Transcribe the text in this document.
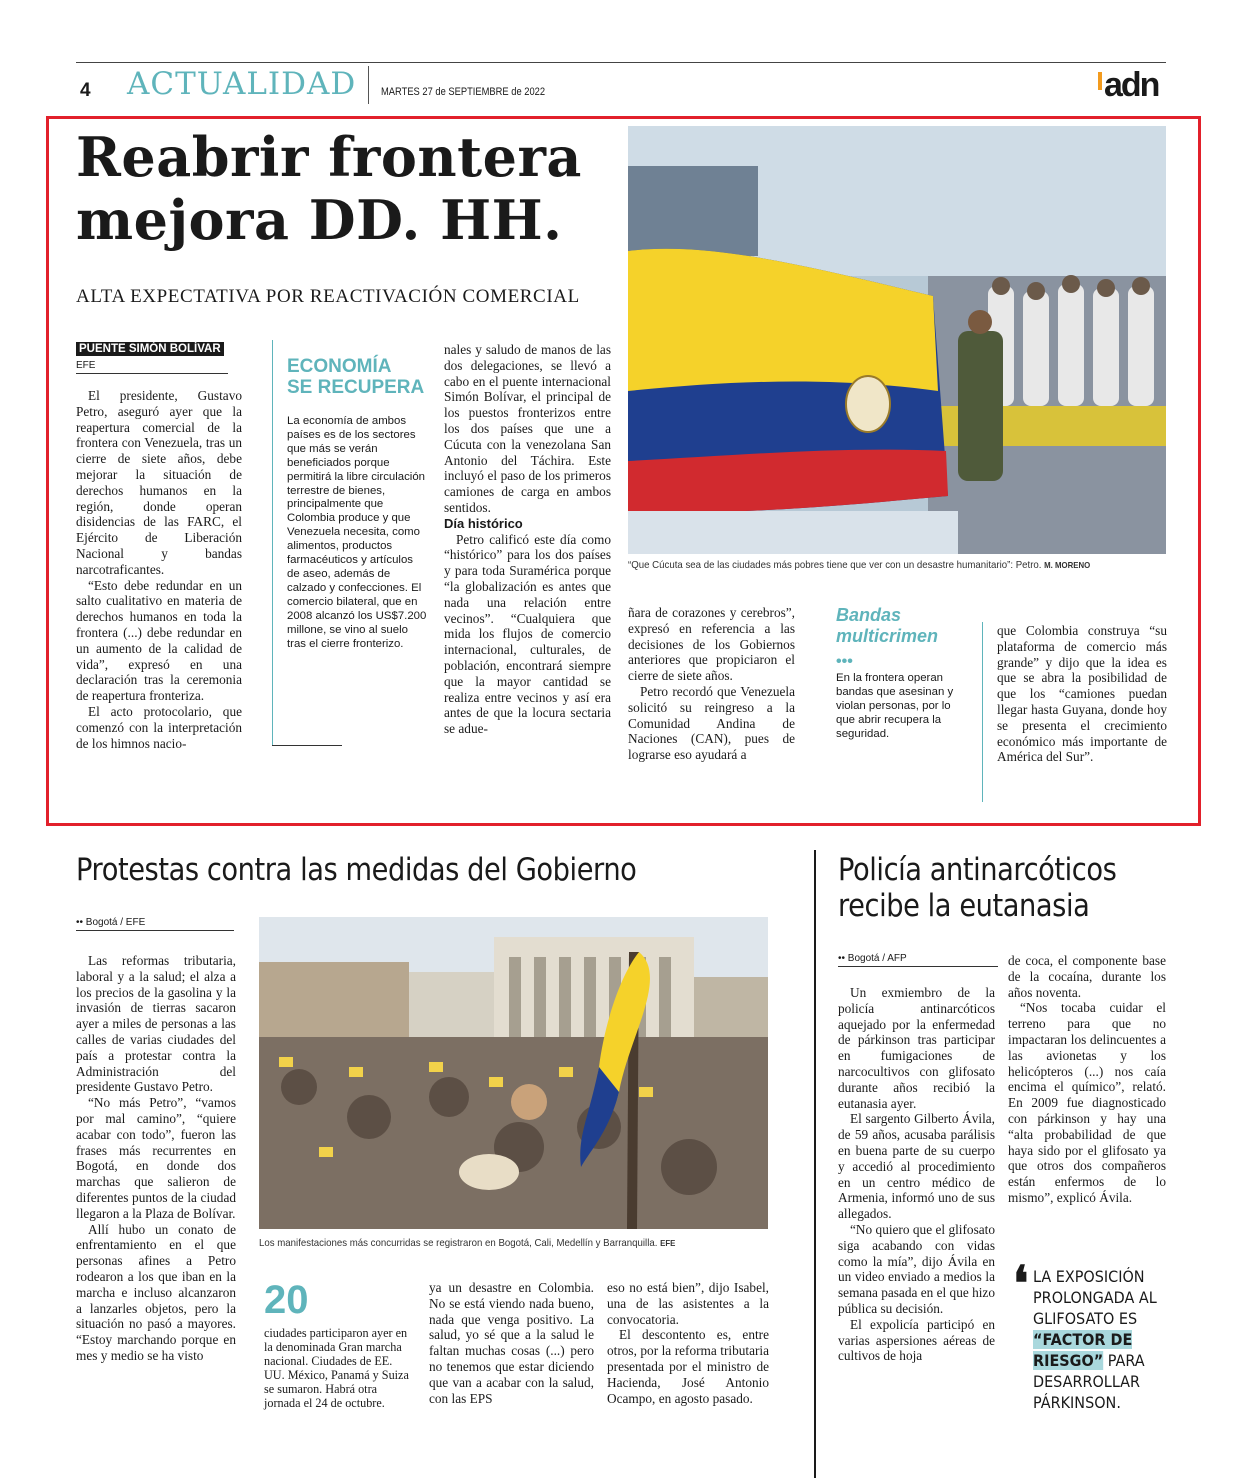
4 ACTUALIDAD MARTES 27 de SEPTIEMBRE de 2022	adn
Reabrir frontera
mejora DD. HH.
ALTA EXPECTATIVA POR REACTIVACIÓN COMERCIAL
PUENTE SIMÓN BOLÍVAR
EFE

El presidente, Gustavo Petro, aseguró ayer que la reapertura comercial de la frontera con Venezuela, tras un cierre de siete años, debe mejorar la situación de derechos humanos en la región, donde operan disidencias de las FARC, el Ejército de Liberación Nacional y bandas narcotraficantes.

“Esto debe redundar en un salto cualitativo en materia de derechos humanos en toda la frontera (...) debe redundar en un aumento de la calidad de vida”, expresó en una declaración tras la ceremonia de reapertura fronteriza.

El acto protocolario, que comenzó con la interpretación de los himnos nacio-

ECONOMÍA
SE RECUPERA
La economía de ambos países es de los sectores que más se verán beneficiados porque permitirá la libre circulación terrestre de bienes, principalmente que Colombia produce y que Venezuela necesita, como alimentos, productos farmacéuticos y artículos de aseo, además de calzado y confecciones. El comercio bilateral, que en 2008 alcanzó los US$7.200 millone, se vino al suelo tras el cierre fronterizo.

nales y saludo de manos de las dos delegaciones, se llevó a cabo en el puente internacional Simón Bolívar, el principal de los puestos fronterizos entre los dos países que une a Cúcuta con la venezolana San Antonio del Táchira. Este incluyó el paso de los primeros camiones de carga en ambos sentidos.

Día histórico

Petro calificó este día como “histórico” para los dos países y para toda Suramérica porque “la globalización es antes que nada una relación entre vecinos”. “Cualquiera que mida los flujos de comercio internacional, culturales, de población, encontrará siempre que la mayor cantidad se realiza entre vecinos y así era antes de que la locura sectaria se adue-

“Que Cúcuta sea de las ciudades más pobres tiene que ver con un desastre humanitario”: Petro. M. MORENO

ñara de corazones y cerebros”, expresó en referencia a las decisiones de los Gobiernos anteriores que propiciaron el cierre de siete años.

Petro recordó que Venezuela solicitó su reingreso a la Comunidad Andina de Naciones (CAN), pues de lograrse eso ayudará a

Bandas
multicrimen
•••
En la frontera operan bandas que asesinan y violan personas, por lo que abrir recupera la seguridad.

que Colombia construya “su plataforma de comercio más grande” y dijo que la idea es que se abra la posibilidad de que los “camiones puedan llegar hasta Guyana, donde hoy se presenta el crecimiento económico más importante de América del Sur”.

Protestas contra las medidas del Gobierno
•• Bogotá / EFE

Las reformas tributaria, laboral y a la salud; el alza a los precios de la gasolina y la invasión de tierras sacaron ayer a miles de personas a las calles de varias ciudades del país a protestar contra la Administración del presidente Gustavo Petro.

“No más Petro”, “vamos por mal camino”, “quiere acabar con todo”, fueron las frases más recurrentes en Bogotá, en donde dos marchas que salieron de diferentes puntos de la ciudad llegaron a la Plaza de Bolívar.

Allí hubo un conato de enfrentamiento en el que personas afines a Petro rodearon a los que iban en la marcha e incluso alcanzaron a lanzarles objetos, pero la situación no pasó a mayores. “Estoy marchando porque en mes y medio se ha visto

Los manifestaciones más concurridas se registraron en Bogotá, Cali, Medellín y Barranquilla. EFE
20
ciudades participaron ayer en la denominada Gran marcha nacional. Ciudades de EE. UU. México, Panamá y Suiza se sumaron. Habrá otra jornada el 24 de octubre.

ya un desastre en Colombia. No se está viendo nada bueno, nada que venga positivo. La salud, yo sé que a la salud le faltan muchas cosas (...) pero no tenemos que estar diciendo que van a acabar con la salud, con las EPS

eso no está bien”, dijo Isabel, una de las asistentes a la convocatoria.

El descontento es, entre otros, por la reforma tributaria presentada por el ministro de Hacienda, José Antonio Ocampo, en agosto pasado.

Policía antinarcóticos
recibe la eutanasia
•• Bogotá / AFP

Un exmiembro de la policía antinarcóticos aquejado por la enfermedad de párkinson tras participar en fumigaciones de narcocultivos con glifosato durante años recibió la eutanasia ayer.

El sargento Gilberto Ávila, de 59 años, acusaba parálisis en buena parte de su cuerpo y accedió al procedimiento en un centro médico de Armenia, informó uno de sus allegados.

“No quiero que el glifosato siga acabando con vidas como la mía”, dijo Ávila en un video enviado a medios la semana pasada en el que hizo pública su decisión.

El expolicía participó en varias aspersiones aéreas de cultivos de hoja

de coca, el componente base de la cocaína, durante los años noventa.

“Nos tocaba cuidar el terreno para que no impactaran los delincuentes a las avionetas y los helicópteros (...) nos caía encima el químico”, relató. En 2009 fue diagnosticado con párkinson y hay una “alta probabilidad de que haya sido por el glifosato ya que otros dos compañeros están enfermos de lo mismo”, explicó Ávila.

❛ LA EXPOSICIÓN PROLONGADA AL GLIFOSATO ES “FACTOR DE RIESGO” PARA DESARROLLAR PÁRKINSON.
